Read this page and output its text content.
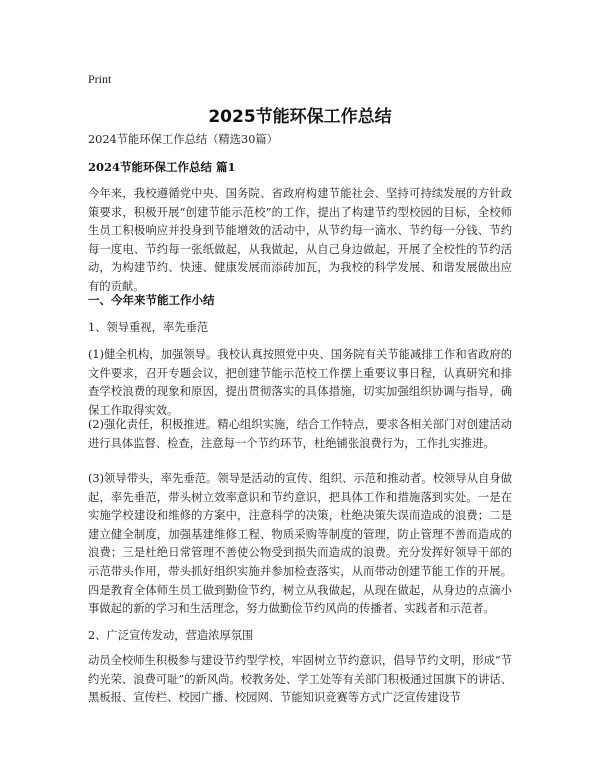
Print
2025节能环保工作总结

2024节能环保工作总结（精选30篇）

2024节能环保工作总结 篇1

今年来，我校遵循党中央、国务院、省政府构建节能社会、坚持可持续发展的方针政策要求，积极开展“创建节能示范校”的工作，提出了构建节约型校园的目标，全校师生员工积极响应并投身到节能增效的活动中，从节约每一滴水、节约每一分钱、节约每一度电、节约每一张纸做起，从我做起，从自己身边做起，开展了全校性的节约活动，为构建节约、快速、健康发展而添砖加瓦，为我校的科学发展、和谐发展做出应有的贡献。

一、今年来节能工作小结

1、领导重视，率先垂范

(1)健全机构，加强领导。我校认真按照党中央、国务院有关节能减排工作和省政府的文件要求，召开专题会议，把创建节能示范校工作摆上重要议事日程，认真研究和排查学校浪费的现象和原因，提出贯彻落实的具体措施，切实加强组织协调与指导，确保工作取得实效。

(2)强化责任，积极推进。精心组织实施，结合工作特点，要求各相关部门对创建活动进行具体监督、检查，注意每一个节约环节，杜绝铺张浪费行为，工作扎实推进。

(3)领导带头，率先垂范。领导是活动的宣传、组织、示范和推动者。校领导从自身做起，率先垂范，带头树立效率意识和节约意识，把具体工作和措施落到实处。一是在实施学校建设和维修的方案中，注意科学的决策，杜绝决策失误而造成的浪费；二是建立健全制度，加强基建维修工程、物质采购等制度的管理，防止管理不善而造成的浪费；三是杜绝日常管理不善使公物受到损失而造成的浪费。充分发挥好领导干部的示范带头作用，带头抓好组织实施并参加检查落实，从而带动创建节能工作的开展。四是教育全体师生员工做到勤俭节约，树立从我做起，从现在做起，从身边的点滴小事做起的新的学习和生活理念，努力做勤俭节约风尚的传播者、实践者和示范者。

2、广泛宣传发动，营造浓厚氛围

动员全校师生积极参与建设节约型学校，牢固树立节约意识，倡导节约文明，形成“节约光荣、浪费可耻”的新风尚。校教务处、学工处等有关部门积极通过国旗下的讲话、黑板报、宣传栏、校园广播、校园网、节能知识竞赛等方式广泛宣传建设节
